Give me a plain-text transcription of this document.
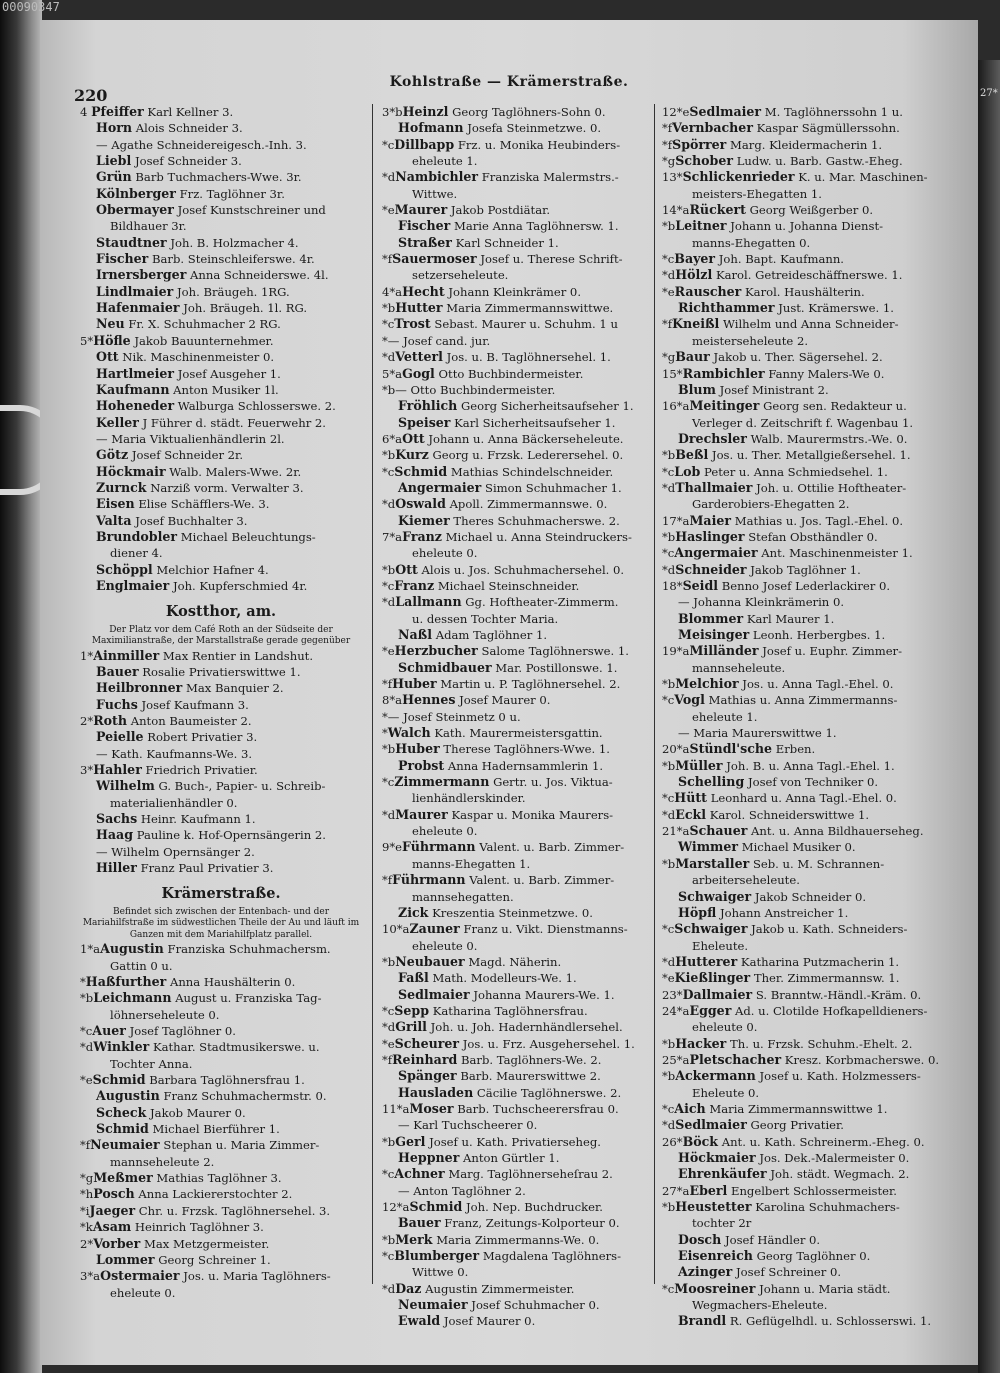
00090347
27*
220
Kohlstraße — Krämerstraße.
4 Pfeiffer Karl Kellner 3.
Horn Alois Schneider 3.
— Agathe Schneidereigesch.-Inh. 3.
Liebl Josef Schneider 3.
Grün Barb Tuchmachers-Wwe. 3r.
Kölnberger Frz. Taglöhner 3r.
Obermayer Josef Kunstschreiner und
Bildhauer 3r.
Staudtner Joh. B. Holzmacher 4.
Fischer Barb. Steinschleiferswe. 4r.
Irnersberger Anna Schneiderswe. 4l.
Lindlmaier Joh. Bräugeh. 1RG.
Hafenmaier Joh. Bräugeh. 1l. RG.
Neu Fr. X. Schuhmacher 2 RG.
5*Höfle Jakob Bauunternehmer.
Ott Nik. Maschinenmeister 0.
Hartlmeier Josef Ausgeher 1.
Kaufmann Anton Musiker 1l.
Hoheneder Walburga Schlosserswe. 2.
Keller J Führer d. städt. Feuerwehr 2.
— Maria Viktualienhändlerin 2l.
Götz Josef Schneider 2r.
Höckmair Walb. Malers-Wwe. 2r.
Zurnck Narziß vorm. Verwalter 3.
Eisen Elise Schäfflers-We. 3.
Valta Josef Buchhalter 3.
Brundobler Michael Beleuchtungs-
diener 4.
Schöppl Melchior Hafner 4.
Englmaier Joh. Kupferschmied 4r.
Kostthor, am.
Der Platz vor dem Café Roth an der Südseite der Maximilianstraße, der Marstallstraße gerade gegenüber
1*Ainmiller Max Rentier in Landshut.
Bauer Rosalie Privatierswittwe 1.
Heilbronner Max Banquier 2.
Fuchs Josef Kaufmann 3.
2*Roth Anton Baumeister 2.
Peielle Robert Privatier 3.
— Kath. Kaufmanns-We. 3.
3*Hahler Friedrich Privatier.
Wilhelm G. Buch-, Papier- u. Schreib-
materialienhändler 0.
Sachs Heinr. Kaufmann 1.
Haag Pauline k. Hof-Opernsängerin 2.
— Wilhelm Opernsänger 2.
Hiller Franz Paul Privatier 3.
Krämerstraße.
Befindet sich zwischen der Entenbach- und der Mariahilfstraße im südwestlichen Theile der Au und läuft im Ganzen mit dem Mariahilfplatz parallel.
1*aAugustin Franziska Schuhmachersm.
Gattin 0 u.
*Haßfurther Anna Haushälterin 0.
*bLeichmann August u. Franziska Tag-
löhnerseheleute 0.
*cAuer Josef Taglöhner 0.
*dWinkler Kathar. Stadtmusikerswe. u.
Tochter Anna.
*eSchmid Barbara Taglöhnersfrau 1.
Augustin Franz Schuhmachermstr. 0.
Scheck Jakob Maurer 0.
Schmid Michael Bierführer 1.
*fNeumaier Stephan u. Maria Zimmer-
mannseheleute 2.
*gMeßmer Mathias Taglöhner 3.
*hPosch Anna Lackiererstochter 2.
*iJaeger Chr. u. Frzsk. Taglöhnersehel. 3.
*kAsam Heinrich Taglöhner 3.
2*Vorber Max Metzgermeister.
Lommer Georg Schreiner 1.
3*aOstermaier Jos. u. Maria Taglöhners-
eheleute 0.
3*bHeinzl Georg Taglöhners-Sohn 0.
Hofmann Josefa Steinmetzwe. 0.
*cDillbapp Frz. u. Monika Heubinders-
eheleute 1.
*dNambichler Franziska Malermstrs.-
Wittwe.
*eMaurer Jakob Postdiätar.
Fischer Marie Anna Taglöhnersw. 1.
Straßer Karl Schneider 1.
*fSauermoser Josef u. Therese Schrift-
setzerseheleute.
4*aHecht Johann Kleinkrämer 0.
*bHutter Maria Zimmermannswittwe.
*cTrost Sebast. Maurer u. Schuhm. 1 u
*— Josef cand. jur.
*dVetterl Jos. u. B. Taglöhnersehel. 1.
5*aGogl Otto Buchbindermeister.
*b— Otto Buchbindermeister.
Fröhlich Georg Sicherheitsaufseher 1.
Speiser Karl Sicherheitsaufseher 1.
6*aOtt Johann u. Anna Bäckerseheleute.
*bKurz Georg u. Frzsk. Lederersehel. 0.
*cSchmid Mathias Schindelschneider.
Angermaier Simon Schuhmacher 1.
*dOswald Apoll. Zimmermannswe. 0.
Kiemer Theres Schuhmacherswe. 2.
7*aFranz Michael u. Anna Steindruckers-
eheleute 0.
*bOtt Alois u. Jos. Schuhmachersehel. 0.
*cFranz Michael Steinschneider.
*dLallmann Gg. Hoftheater-Zimmerm.
u. dessen Tochter Maria.
Naßl Adam Taglöhner 1.
*eHerzbucher Salome Taglöhnerswe. 1.
Schmidbauer Mar. Postillonswe. 1.
*fHuber Martin u. P. Taglöhnersehel. 2.
8*aHennes Josef Maurer 0.
*— Josef Steinmetz 0 u.
*Walch Kath. Maurermeistersgattin.
*bHuber Therese Taglöhners-Wwe. 1.
Probst Anna Hadernsammlerin 1.
*cZimmermann Gertr. u. Jos. Viktua-
lienhändlerskinder.
*dMaurer Kaspar u. Monika Maurers-
eheleute 0.
9*eFührmann Valent. u. Barb. Zimmer-
manns-Ehegatten 1.
*fFührmann Valent. u. Barb. Zimmer-
mannsehegatten.
Zick Kreszentia Steinmetzwe. 0.
10*aZauner Franz u. Vikt. Dienstmanns-
eheleute 0.
*bNeubauer Magd. Näherin.
Faßl Math. Modelleurs-We. 1.
Sedlmaier Johanna Maurers-We. 1.
*cSepp Katharina Taglöhnersfrau.
*dGrill Joh. u. Joh. Hadernhändlersehel.
*eScheurer Jos. u. Frz. Ausgehersehel. 1.
*fReinhard Barb. Taglöhners-We. 2.
Spänger Barb. Maurerswittwe 2.
Hausladen Cäcilie Taglöhnerswe. 2.
11*aMoser Barb. Tuchscheerersfrau 0.
— Karl Tuchscheerer 0.
*bGerl Josef u. Kath. Privatierseheg.
Heppner Anton Gürtler 1.
*cAchner Marg. Taglöhnerseheſrau 2.
— Anton Taglöhner 2.
12*aSchmid Joh. Nep. Buchdrucker.
Bauer Franz, Zeitungs-Kolporteur 0.
*bMerk Maria Zimmermanns-We. 0.
*cBlumberger Magdalena Taglöhners-
Wittwe 0.
*dDaz Augustin Zimmermeister.
Neumaier Josef Schuhmacher 0.
Ewald Josef Maurer 0.
12*eSedlmaier M. Taglöhnerssohn 1 u.
*fVernbacher Kaspar Sägmüllerssohn.
*fSpörrer Marg. Kleidermacherin 1.
*gSchober Ludw. u. Barb. Gastw.-Eheg.
13*Schlickenrieder K. u. Mar. Maschinen-
meisters-Ehegatten 1.
14*aRückert Georg Weißgerber 0.
*bLeitner Johann u. Johanna Dienst-
manns-Ehegatten 0.
*cBayer Joh. Bapt. Kaufmann.
*dHölzl Karol. Getreideschäffnerswe. 1.
*eRauscher Karol. Haushälterin.
Richthammer Just. Krämerswe. 1.
*fKneißl Wilhelm und Anna Schneider-
meisterseheleute 2.
*gBaur Jakob u. Ther. Sägersehel. 2.
15*Rambichler Fanny Malers-We 0.
Blum Josef Ministrant 2.
16*aMeitinger Georg sen. Redakteur u.
Verleger d. Zeitschrift f. Wagenbau 1.
Drechsler Walb. Maurermstrs.-We. 0.
*bBeßl Jos. u. Ther. Metallgießersehel. 1.
*cLob Peter u. Anna Schmiedsehel. 1.
*dThallmaier Joh. u. Ottilie Hoftheater-
Garderobiers-Ehegatten 2.
17*aMaier Mathias u. Jos. Tagl.-Ehel. 0.
*bHaslinger Stefan Obsthändler 0.
*cAngermaier Ant. Maschinenmeister 1.
*dSchneider Jakob Taglöhner 1.
18*Seidl Benno Josef Lederlackirer 0.
— Johanna Kleinkrämerin 0.
Blommer Karl Maurer 1.
Meisinger Leonh. Herbergbes. 1.
19*aMilländer Josef u. Euphr. Zimmer-
mannseheleute.
*bMelchior Jos. u. Anna Tagl.-Ehel. 0.
*cVogl Mathias u. Anna Zimmermanns-
eheleute 1.
— Maria Maurerswittwe 1.
20*aStündl'sche Erben.
*bMüller Joh. B. u. Anna Tagl.-Ehel. 1.
Schelling Josef von Techniker 0.
*cHütt Leonhard u. Anna Tagl.-Ehel. 0.
*dEckl Karol. Schneiderswittwe 1.
21*aSchauer Ant. u. Anna Bildhauerseheg.
Wimmer Michael Musiker 0.
*bMarstaller Seb. u. M. Schrannen-
arbeiterseheleute.
Schwaiger Jakob Schneider 0.
Höpfl Johann Anstreicher 1.
*cSchwaiger Jakob u. Kath. Schneiders-
Eheleute.
*dHutterer Katharina Putzmacherin 1.
*eKießlinger Ther. Zimmermannsw. 1.
23*Dallmaier S. Branntw.-Händl.-Kräm. 0.
24*aEgger Ad. u. Clotilde Hofkapelldieners-
eheleute 0.
*bHacker Th. u. Frzsk. Schuhm.-Ehelt. 2.
25*aPletschacher Kresz. Korbmacherswe. 0.
*bAckermann Josef u. Kath. Holzmessers-
Eheleute 0.
*cAich Maria Zimmermannswittwe 1.
*dSedlmaier Georg Privatier.
26*Böck Ant. u. Kath. Schreinerm.-Eheg. 0.
Höckmaier Jos. Dek.-Malermeister 0.
Ehrenkäufer Joh. städt. Wegmach. 2.
27*aEberl Engelbert Schlossermeister.
*bHeustetter Karolina Schuhmachers-
tochter 2r
Dosch Josef Händler 0.
Eisenreich Georg Taglöhner 0.
Azinger Josef Schreiner 0.
*cMoosreiner Johann u. Maria städt.
Wegmachers-Eheleute.
Brandl R. Geflügelhdl. u. Schlosserswi. 1.
